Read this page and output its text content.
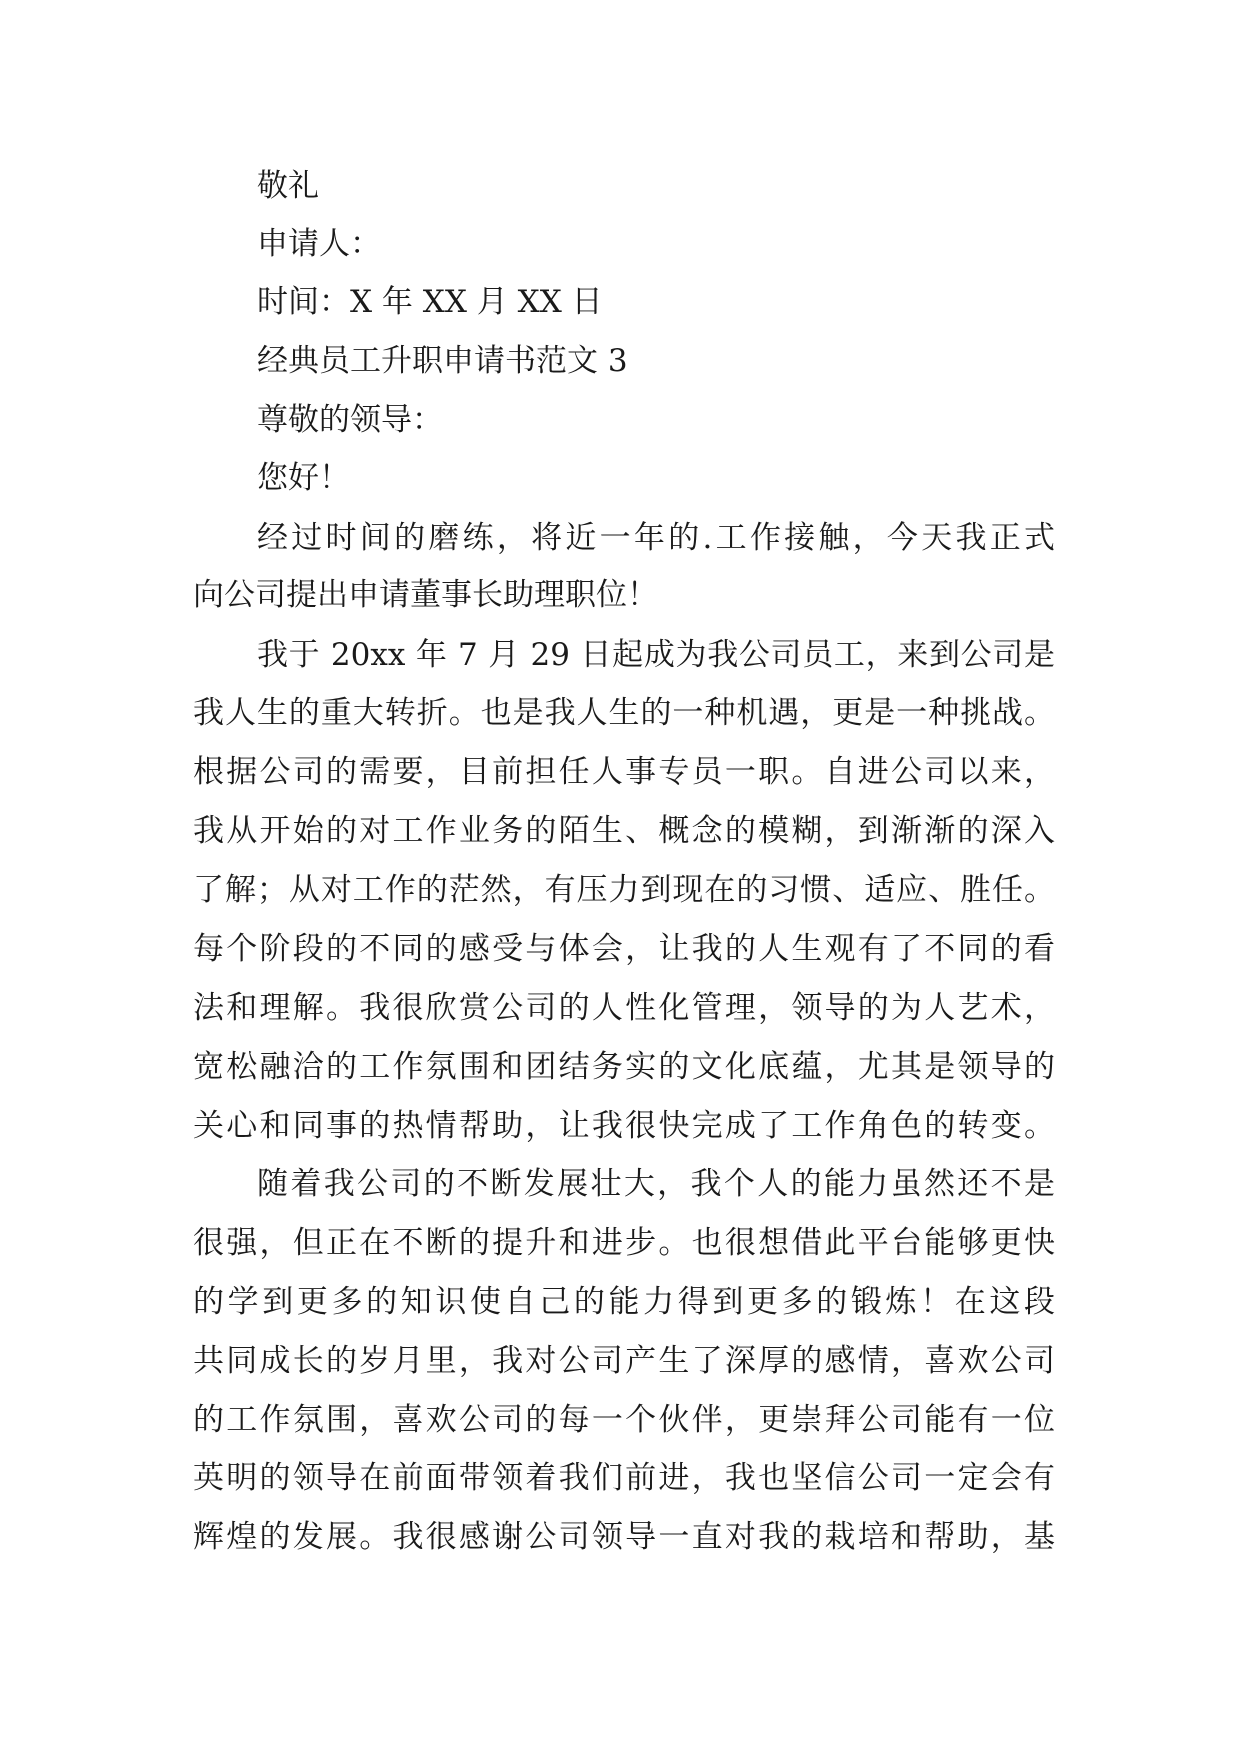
敬礼
申请人：
时间：X 年 XX 月 XX 日
经典员工升职申请书范文 3
尊敬的领导：
您好！
经过时间的磨练，将近一年的.工作接触，今天我正式
向公司提出申请董事长助理职位！
我于 20xx 年 7 月 29 日起成为我公司员工，来到公司是
我人生的重大转折。也是我人生的一种机遇，更是一种挑战。
根据公司的需要，目前担任人事专员一职。自进公司以来，
我从开始的对工作业务的陌生、概念的模糊，到渐渐的深入
了解；从对工作的茫然，有压力到现在的习惯、适应、胜任。
每个阶段的不同的感受与体会，让我的人生观有了不同的看
法和理解。我很欣赏公司的人性化管理，领导的为人艺术，
宽松融洽的工作氛围和团结务实的文化底蕴，尤其是领导的
关心和同事的热情帮助，让我很快完成了工作角色的转变。
随着我公司的不断发展壮大，我个人的能力虽然还不是
很强，但正在不断的提升和进步。也很想借此平台能够更快
的学到更多的知识使自己的能力得到更多的锻炼！在这段
共同成长的岁月里，我对公司产生了深厚的感情，喜欢公司
的工作氛围，喜欢公司的每一个伙伴，更崇拜公司能有一位
英明的领导在前面带领着我们前进，我也坚信公司一定会有
辉煌的发展。我很感谢公司领导一直对我的栽培和帮助，基
